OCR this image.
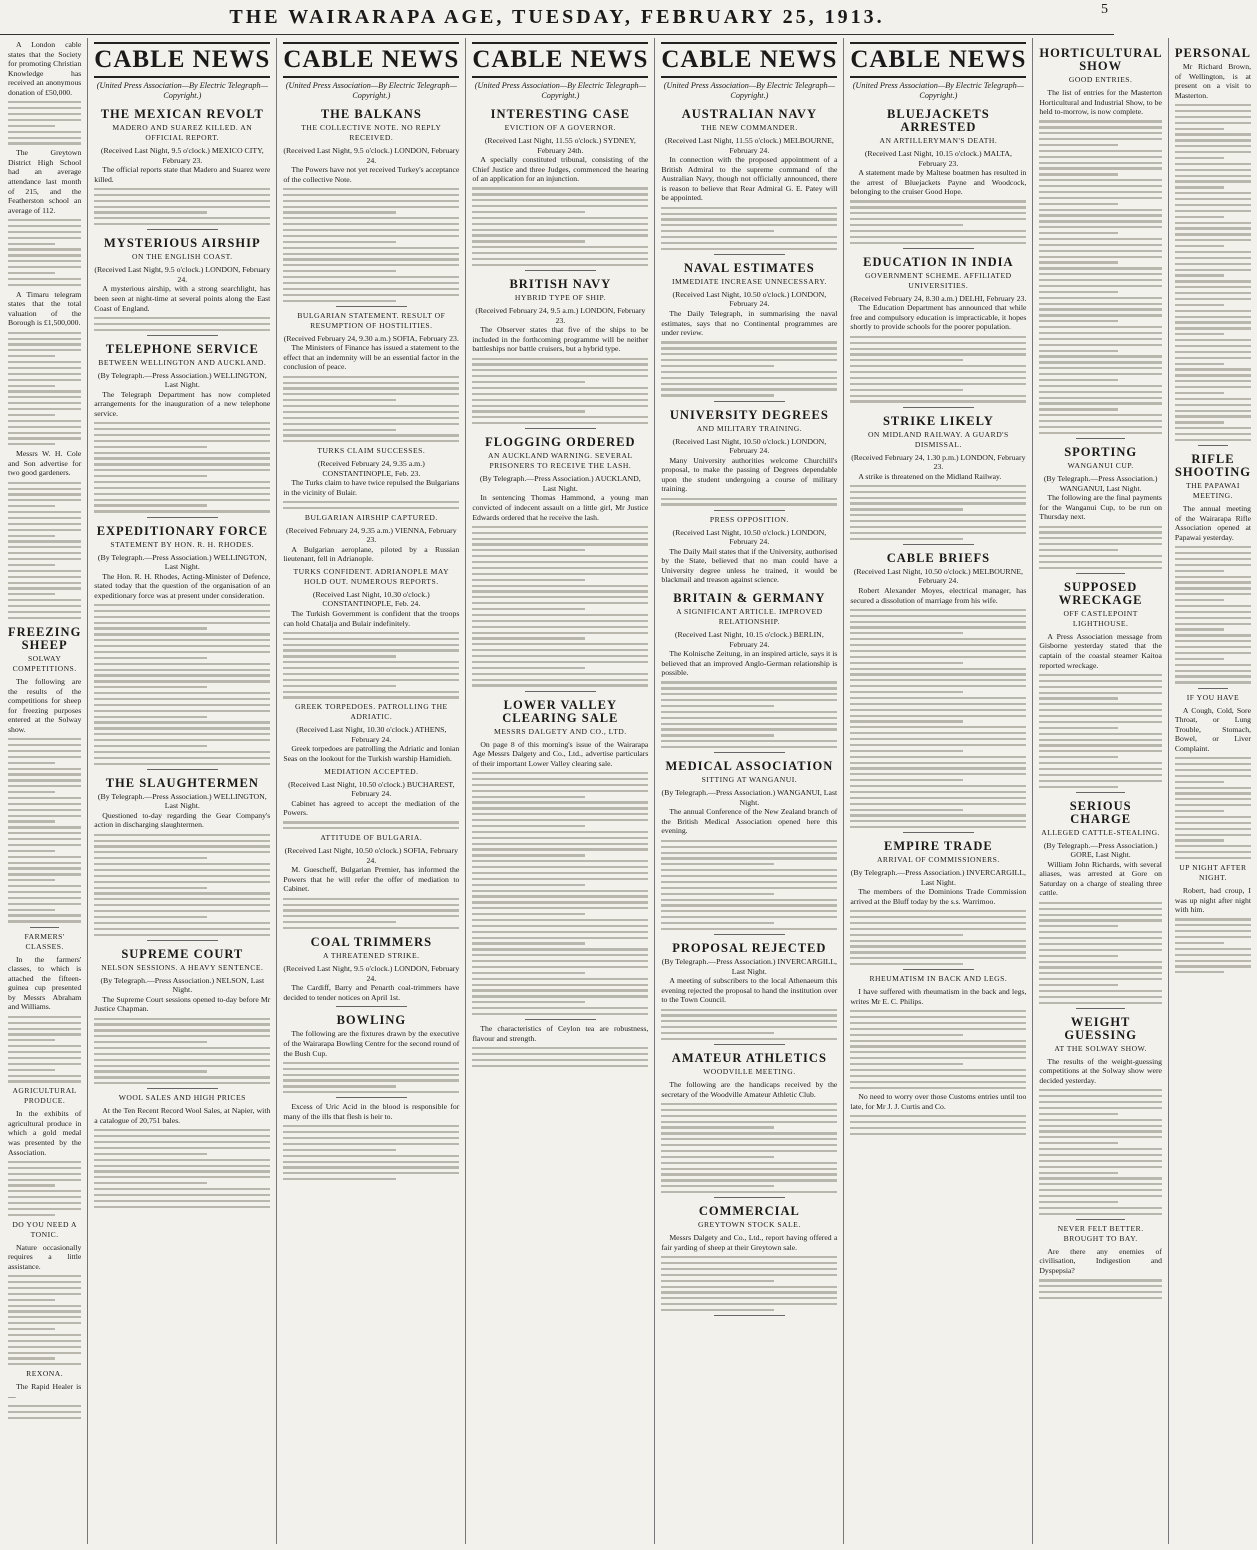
THE WAIRARAPA AGE, TUESDAY, FEBRUARY 25, 1913.	5

A London cable states that the Society for promoting Christian Knowledge has received an anonymous donation of £50,000.

The Greytown District High School had an average attendance last month of 215, and the Featherston school an average of 112.

A Timaru telegram states that the total valuation of the Borough is £1,500,000.

Messrs W. H. Cole and Son advertise for two good gardeners.

FREEZING SHEEP
SOLWAY COMPETITIONS.

The following are the results of the competitions for sheep for freezing purposes entered at the Solway show.

FARMERS' CLASSES.

In the farmers' classes, to which is attached the fifteen-guinea cup presented by Messrs Abraham and Williams.

AGRICULTURAL PRODUCE.

In the exhibits of agricultural produce in which a gold medal was presented by the Association.

DO YOU NEED A TONIC.

Nature occasionally requires a little assistance.

REXONA.

The Rapid Healer is—

CABLE NEWS
(United Press Association—By Electric Telegraph—Copyright.)
THE MEXICAN REVOLT
MADERO AND SUAREZ KILLED. AN OFFICIAL REPORT.
(Received Last Night, 9.5 o'clock.) MEXICO CITY, February 23.

The official reports state that Madero and Suarez were killed.

MYSTERIOUS AIRSHIP
ON THE ENGLISH COAST.
(Received Last Night, 9.5 o'clock.) LONDON, February 24.

A mysterious airship, with a strong searchlight, has been seen at night-time at several points along the East Coast of England.

TELEPHONE SERVICE
BETWEEN WELLINGTON AND AUCKLAND.
(By Telegraph.—Press Association.) WELLINGTON, Last Night.

The Telegraph Department has now completed arrangements for the inauguration of a new telephone service.

EXPEDITIONARY FORCE
STATEMENT BY HON. R. H. RHODES.
(By Telegraph.—Press Association.) WELLINGTON, Last Night.

The Hon. R. H. Rhodes, Acting-Minister of Defence, stated today that the question of the organisation of an expeditionary force was at present under consideration.

THE SLAUGHTERMEN
(By Telegraph.—Press Association.) WELLINGTON, Last Night.

Questioned to-day regarding the Gear Company's action in discharging slaughtermen.

SUPREME COURT
NELSON SESSIONS. A HEAVY SENTENCE.
(By Telegraph.—Press Association.) NELSON, Last Night.

The Supreme Court sessions opened to-day before Mr Justice Chapman.

WOOL SALES AND HIGH PRICES

At the Ten Recent Record Wool Sales, at Napier, with a catalogue of 20,751 bales.

CABLE NEWS
(United Press Association—By Electric Telegraph—Copyright.)
THE BALKANS
THE COLLECTIVE NOTE. NO REPLY RECEIVED.
(Received Last Night, 9.5 o'clock.) LONDON, February 24.

The Powers have not yet received Turkey's acceptance of the collective Note.

BULGARIAN STATEMENT. RESULT OF RESUMPTION OF HOSTILITIES.
(Received February 24, 9.30 a.m.) SOFIA, February 23.

The Ministers of Finance has issued a statement to the effect that an indemnity will be an essential factor in the conclusion of peace.

TURKS CLAIM SUCCESSES.
(Received February 24, 9.35 a.m.) CONSTANTINOPLE, Feb. 23.

The Turks claim to have twice repulsed the Bulgarians in the vicinity of Bulair.

BULGARIAN AIRSHIP CAPTURED.
(Received February 24, 9.35 a.m.) VIENNA, February 23.

A Bulgarian aeroplane, piloted by a Russian lieutenant, fell in Adrianople.

TURKS CONFIDENT. ADRIANOPLE MAY HOLD OUT. NUMEROUS REPORTS.
(Received Last Night, 10.30 o'clock.) CONSTANTINOPLE, Feb. 24.

The Turkish Government is confident that the troops can hold Chatalja and Bulair indefinitely.

GREEK TORPEDOES. PATROLLING THE ADRIATIC.
(Received Last Night, 10.30 o'clock.) ATHENS, February 24.

Greek torpedoes are patrolling the Adriatic and Ionian Seas on the lookout for the Turkish warship Hamidieh.

MEDIATION ACCEPTED.
(Received Last Night, 10.50 o'clock.) BUCHAREST, February 24.

Cabinet has agreed to accept the mediation of the Powers.

ATTITUDE OF BULGARIA.
(Received Last Night, 10.50 o'clock.) SOFIA, February 24.

M. Guescheff, Bulgarian Premier, has informed the Powers that he will refer the offer of mediation to Cabinet.

COAL TRIMMERS
A THREATENED STRIKE.
(Received Last Night, 9.5 o'clock.) LONDON, February 24.

The Cardiff, Barry and Penarth coal-trimmers have decided to tender notices on April 1st.

BOWLING

The following are the fixtures drawn by the executive of the Wairarapa Bowling Centre for the second round of the Bush Cup.

Excess of Uric Acid in the blood is responsible for many of the ills that flesh is heir to.

CABLE NEWS
(United Press Association—By Electric Telegraph—Copyright.)
INTERESTING CASE
EVICTION OF A GOVERNOR.
(Received Last Night, 11.55 o'clock.) SYDNEY, February 24th.

A specially constituted tribunal, consisting of the Chief Justice and three Judges, commenced the hearing of an application for an injunction.

BRITISH NAVY
HYBRID TYPE OF SHIP.
(Received February 24, 9.5 a.m.) LONDON, February 23.

The Observer states that five of the ships to be included in the forthcoming programme will be neither battleships nor battle cruisers, but a hybrid type.

FLOGGING ORDERED
AN AUCKLAND WARNING. SEVERAL PRISONERS TO RECEIVE THE LASH.
(By Telegraph.—Press Association.) AUCKLAND, Last Night.

In sentencing Thomas Hammond, a young man convicted of indecent assault on a little girl, Mr Justice Edwards ordered that he receive the lash.

LOWER VALLEY CLEARING SALE
MESSRS DALGETY AND CO., LTD.

On page 8 of this morning's issue of the Wairarapa Age Messrs Dalgety and Co., Ltd., advertise particulars of their important Lower Valley clearing sale.

The characteristics of Ceylon tea are robustness, flavour and strength.

CABLE NEWS
(United Press Association—By Electric Telegraph—Copyright.)
AUSTRALIAN NAVY
THE NEW COMMANDER.
(Received Last Night, 11.55 o'clock.) MELBOURNE, February 24.

In connection with the proposed appointment of a British Admiral to the supreme command of the Australian Navy, though not officially announced, there is reason to believe that Rear Admiral G. E. Patey will be appointed.

NAVAL ESTIMATES
IMMEDIATE INCREASE UNNECESSARY.
(Received Last Night, 10.50 o'clock.) LONDON, February 24.

The Daily Telegraph, in summarising the naval estimates, says that no Continental programmes are under review.

UNIVERSITY DEGREES
AND MILITARY TRAINING.
(Received Last Night, 10.50 o'clock.) LONDON, February 24.

Many University authorities welcome Churchill's proposal, to make the passing of Degrees dependable upon the student undergoing a course of military training.

PRESS OPPOSITION.
(Received Last Night, 10.50 o'clock.) LONDON, February 24.

The Daily Mail states that if the University, authorised by the State, believed that no man could have a University degree unless he trained, it would be blackmail and treason against science.

BRITAIN & GERMANY
A SIGNIFICANT ARTICLE. IMPROVED RELATIONSHIP.
(Received Last Night, 10.15 o'clock.) BERLIN, February 24.

The Kolnische Zeitung, in an inspired article, says it is believed that an improved Anglo-German relationship is possible.

MEDICAL ASSOCIATION
SITTING AT WANGANUI.
(By Telegraph.—Press Association.) WANGANUI, Last Night.

The annual Conference of the New Zealand branch of the British Medical Association opened here this evening.

PROPOSAL REJECTED
(By Telegraph.—Press Association.) INVERCARGILL, Last Night.

A meeting of subscribers to the local Athenaeum this evening rejected the proposal to hand the institution over to the Town Council.

AMATEUR ATHLETICS
WOODVILLE MEETING.

The following are the handicaps received by the secretary of the Woodville Amateur Athletic Club.

COMMERCIAL
GREYTOWN STOCK SALE.

Messrs Dalgety and Co., Ltd., report having offered a fair yarding of sheep at their Greytown sale.

CABLE NEWS
(United Press Association—By Electric Telegraph—Copyright.)
BLUEJACKETS ARRESTED
AN ARTILLERYMAN'S DEATH.
(Received Last Night, 10.15 o'clock.) MALTA, February 23.

A statement made by Maltese boatmen has resulted in the arrest of Bluejackets Payne and Woodcock, belonging to the cruiser Good Hope.

EDUCATION IN INDIA
GOVERNMENT SCHEME. AFFILIATED UNIVERSITIES.
(Received February 24, 8.30 a.m.) DELHI, February 23.

The Education Department has announced that while free and compulsory education is impracticable, it hopes shortly to provide schools for the poorer population.

STRIKE LIKELY
ON MIDLAND RAILWAY. A GUARD'S DISMISSAL.
(Received February 24, 1.30 p.m.) LONDON, February 23.

A strike is threatened on the Midland Railway.

CABLE BRIEFS
(Received Last Night, 10.50 o'clock.) MELBOURNE, February 24.

Robert Alexander Moyes, electrical manager, has secured a dissolution of marriage from his wife.

EMPIRE TRADE
ARRIVAL OF COMMISSIONERS.
(By Telegraph.—Press Association.) INVERCARGILL, Last Night.

The members of the Dominions Trade Commission arrived at the Bluff today by the s.s. Warrimoo.

RHEUMATISM IN BACK AND LEGS.

I have suffered with rheumatism in the back and legs, writes Mr E. C. Philips.

No need to worry over those Customs entries until too late, for Mr J. J. Curtis and Co.

HORTICULTURAL SHOW
GOOD ENTRIES.

The list of entries for the Masterton Horticultural and Industrial Show, to be held to-morrow, is now complete.

SPORTING
WANGANUI CUP.
(By Telegraph.—Press Association.) WANGANUI, Last Night.

The following are the final payments for the Wanganui Cup, to be run on Thursday next.

SUPPOSED WRECKAGE
OFF CASTLEPOINT LIGHTHOUSE.

A Press Association message from Gisborne yesterday stated that the captain of the coastal steamer Kaitoa reported wreckage.

SERIOUS CHARGE
ALLEGED CATTLE-STEALING.
(By Telegraph.—Press Association.) GORE, Last Night.

William John Richards, with several aliases, was arrested at Gore on Saturday on a charge of stealing three cattle.

WEIGHT GUESSING
AT THE SOLWAY SHOW.

The results of the weight-guessing competitions at the Solway show were decided yesterday.

NEVER FELT BETTER. BROUGHT TO BAY.

Are there any enemies of civilisation, Indigestion and Dyspepsia?

PERSONAL

Mr Richard Brown, of Wellington, is at present on a visit to Masterton.

RIFLE SHOOTING
THE PAPAWAI MEETING.

The annual meeting of the Wairarapa Rifle Association opened at Papawai yesterday.

IF YOU HAVE

A Cough, Cold, Sore Throat, or Lung Trouble, Stomach, Bowel, or Liver Complaint.

UP NIGHT AFTER NIGHT.

Robert, had croup, I was up night after night with him.
